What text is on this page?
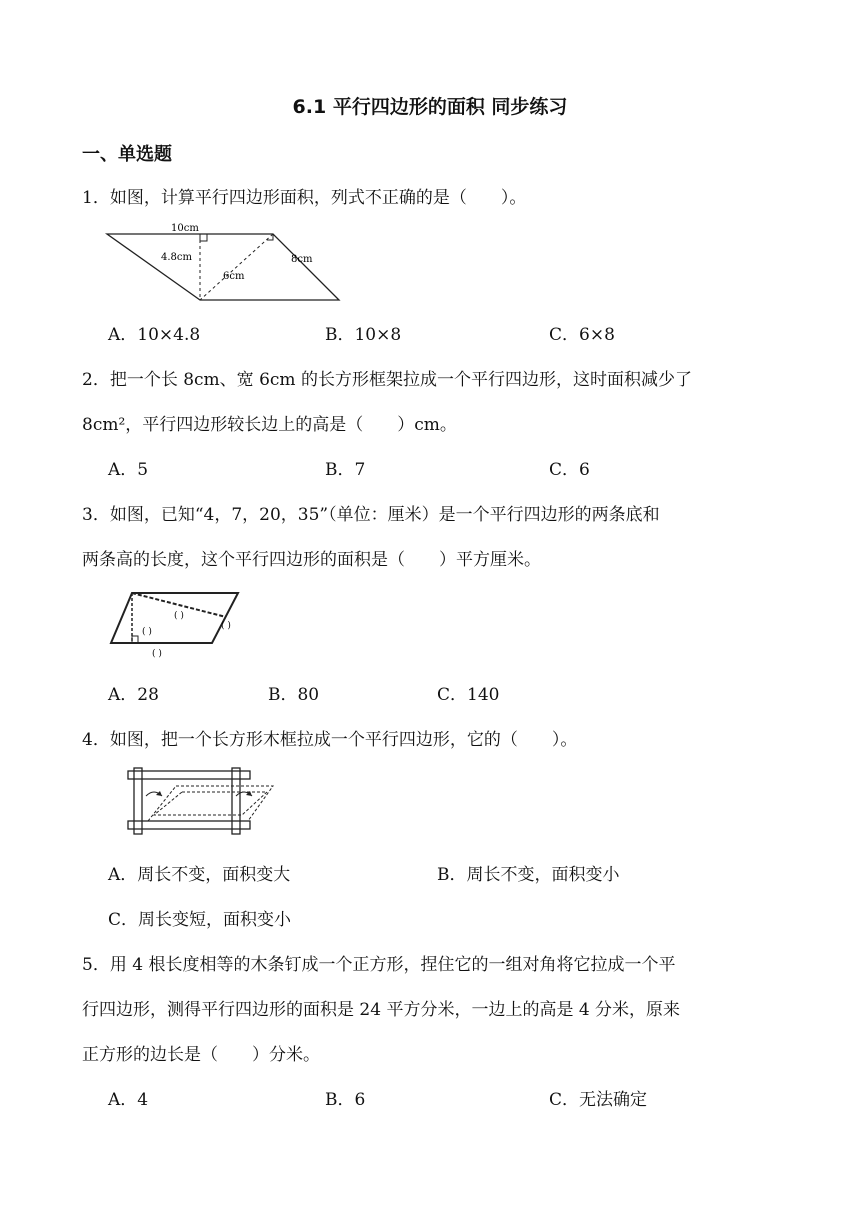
6.1 平行四边形的面积 同步练习
一、单选题
1．如图，计算平行四边形面积，列式不正确的是（　　）。
10cm
4.8cm
6cm
8cm
A．10×4.8	B．10×8	C．6×8
2．把一个长 8cm、宽 6cm 的长方形框架拉成一个平行四边形，这时面积减少了
8cm²，平行四边形较长边上的高是（　　）cm。
A．5	B．7	C．6
3．如图，已知“4，7，20，35”（单位：厘米）是一个平行四边形的两条底和
两条高的长度，这个平行四边形的面积是（　　）平方厘米。
( )
( )
( )
( )
A．28	B．80	C．140
4．如图，把一个长方形木框拉成一个平行四边形，它的（　　）。
A．周长不变，面积变大	B．周长不变，面积变小
C．周长变短，面积变小
5．用 4 根长度相等的木条钉成一个正方形，捏住它的一组对角将它拉成一个平
行四边形，测得平行四边形的面积是 24 平方分米，一边上的高是 4 分米，原来
正方形的边长是（　　）分米。
A．4	B．6	C．无法确定
